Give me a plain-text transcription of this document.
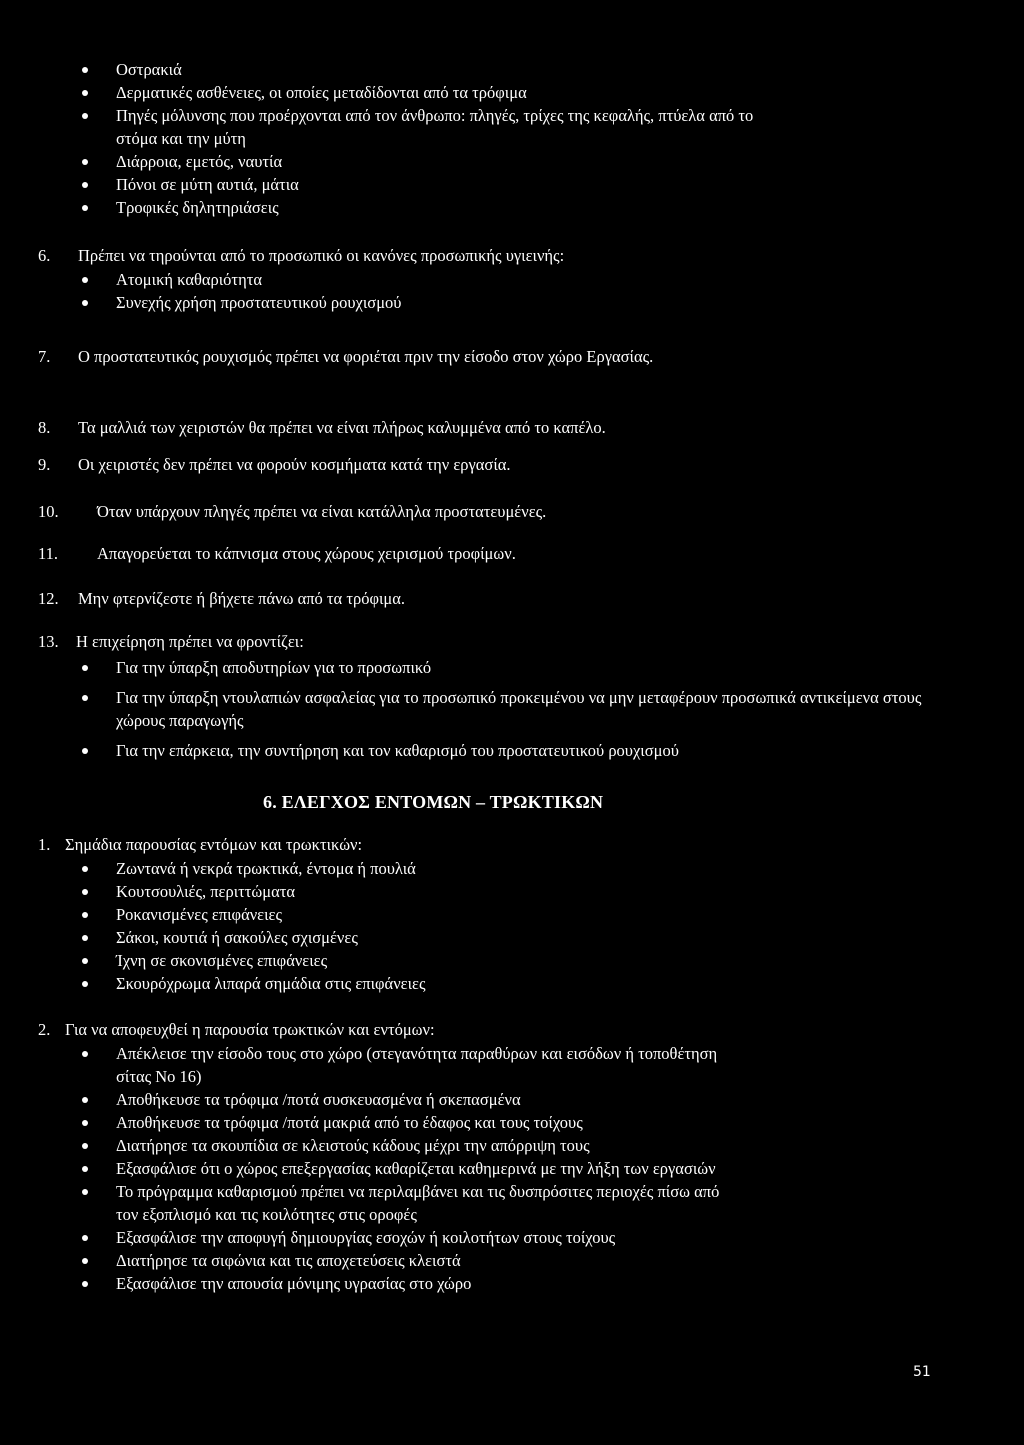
Οστρακιά
Δερματικές ασθένειες, οι οποίες μεταδίδονται από τα τρόφιμα
Πηγές μόλυνσης που προέρχονται από τον άνθρωπο: πληγές, τρίχες της κεφαλής, πτύελα από το στόμα και την μύτη
Διάρροια, εμετός, ναυτία
Πόνοι σε μύτη αυτιά, μάτια
Τροφικές δηλητηριάσεις
6.	Πρέπει να τηρούνται από το προσωπικό οι κανόνες προσωπικής υγιεινής:
Ατομική καθαριότητα
Συνεχής χρήση προστατευτικού ρουχισμού
7.	Ο προστατευτικός ρουχισμός πρέπει να φοριέται πριν την είσοδο στον χώρο Εργασίας.
8.	Τα μαλλιά των χειριστών θα πρέπει να είναι πλήρως καλυμμένα από το καπέλο.
9.	Οι χειριστές δεν πρέπει να φορούν κοσμήματα κατά την εργασία.
10.	Όταν υπάρχουν πληγές πρέπει να είναι κατάλληλα προστατευμένες.
11.	Απαγορεύεται το κάπνισμα στους χώρους χειρισμού τροφίμων.
12.	Μην φτερνίζεστε ή βήχετε πάνω από τα τρόφιμα.
13.	Η επιχείρηση πρέπει να φροντίζει:
Για την ύπαρξη αποδυτηρίων για το προσωπικό
Για την ύπαρξη ντουλαπιών ασφαλείας για το προσωπικό προκειμένου να μην μεταφέρουν προσωπικά αντικείμενα στους χώρους παραγωγής
Για την επάρκεια, την συντήρηση και τον καθαρισμό του προστατευτικού ρουχισμού
6. ΕΛΕΓΧΟΣ ΕΝΤΟΜΩΝ – ΤΡΩΚΤΙΚΩΝ
1. Σημάδια παρουσίας εντόμων και τρωκτικών:
Ζωντανά ή νεκρά τρωκτικά, έντομα ή πουλιά
Κουτσουλιές, περιττώματα
Ροκανισμένες επιφάνειες
Σάκοι, κουτιά ή σακούλες σχισμένες
Ίχνη σε σκονισμένες επιφάνειες
Σκουρόχρωμα λιπαρά σημάδια στις επιφάνειες
2. Για να αποφευχθεί η παρουσία τρωκτικών και εντόμων:
Απέκλεισε την είσοδο τους στο χώρο (στεγανότητα παραθύρων και εισόδων ή τοποθέτηση σίτας Νο 16)
Αποθήκευσε τα τρόφιμα /ποτά συσκευασμένα ή σκεπασμένα
Αποθήκευσε τα τρόφιμα /ποτά μακριά από το έδαφος και τους τοίχους
Διατήρησε τα σκουπίδια σε κλειστούς κάδους μέχρι την απόρριψη τους
Εξασφάλισε ότι ο χώρος επεξεργασίας καθαρίζεται καθημερινά με την λήξη των εργασιών
Το πρόγραμμα καθαρισμού πρέπει να περιλαμβάνει και τις δυσπρόσιτες περιοχές πίσω από τον εξοπλισμό και τις κοιλότητες στις οροφές
Εξασφάλισε την αποφυγή δημιουργίας εσοχών ή κοιλοτήτων στους τοίχους
Διατήρησε τα σιφώνια και τις αποχετεύσεις κλειστά
Εξασφάλισε την απουσία μόνιμης υγρασίας στο χώρο
51
